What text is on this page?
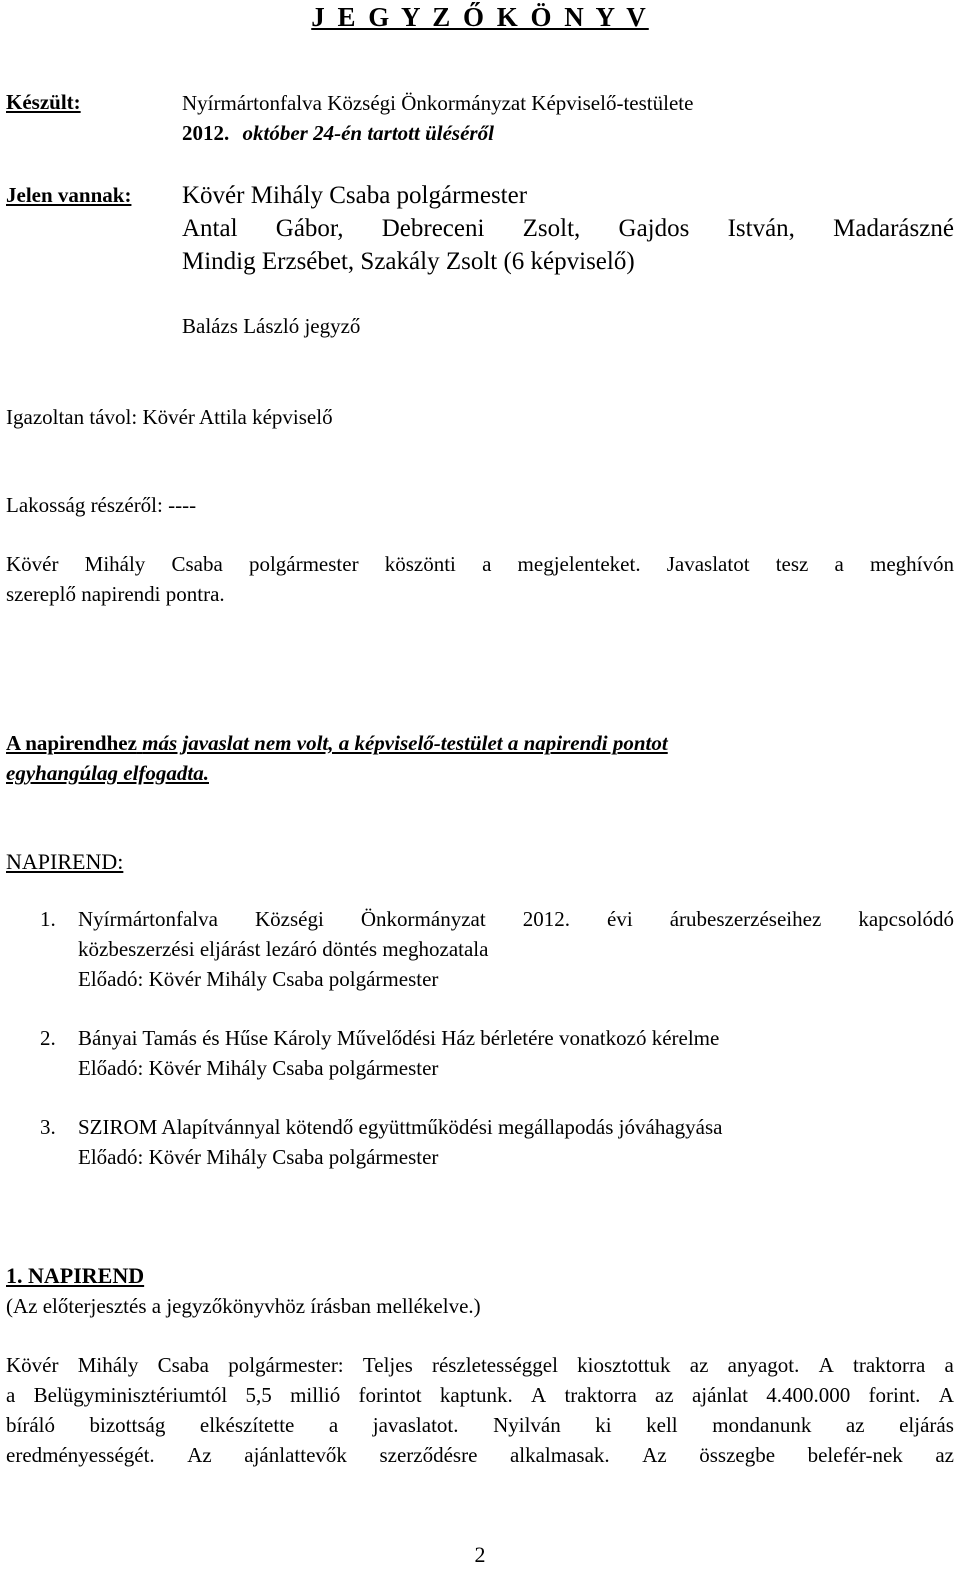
J E G Y Z Ő K Ö N Y V
Készült:	Nyírmártonfalva Községi Önkormányzat Képviselő-testülete
2012. október 24-én tartott üléséről
Jelen vannak: Kövér Mihály Csaba polgármester
Antal Gábor, Debreceni Zsolt, Gajdos István, Madarászné
Mindig Erzsébet, Szakály Zsolt (6 képviselő)
Balázs László jegyző
Igazoltan távol: Kövér Attila képviselő
Lakosság részéről: ----
Kövér Mihály Csaba polgármester köszönti a megjelenteket. Javaslatot tesz a meghívón
szereplő napirendi pontra.
A napirendhez más javaslat nem volt, a képviselő-testület a napirendi pontot
egyhangúlag elfogadta.
NAPIREND:
1. Nyírmártonfalva Községi Önkormányzat 2012. évi árubeszerzéseihez kapcsolódó
közbeszerzési eljárást lezáró döntés meghozatala
Előadó: Kövér Mihály Csaba polgármester
2. Bányai Tamás és Hűse Károly Művelődési Ház bérletére vonatkozó kérelme
Előadó: Kövér Mihály Csaba polgármester
3. SZIROM Alapítvánnyal kötendő együttműködési megállapodás jóváhagyása
Előadó: Kövér Mihály Csaba polgármester
1. NAPIREND
(Az előterjesztés a jegyzőkönyvhöz írásban mellékelve.)
Kövér Mihály Csaba polgármester: Teljes részletességgel kiosztottuk az anyagot. A traktorra a
a Belügyminisztériumtól 5,5 millió forintot kaptunk. A traktorra az ajánlat 4.400.000 forint. A
bíráló bizottság elkészítette a javaslatot. Nyilván ki kell mondanunk az eljárás
eredményességét. Az ajánlattevők szerződésre alkalmasak. Az összegbe belefér-nek az
2
